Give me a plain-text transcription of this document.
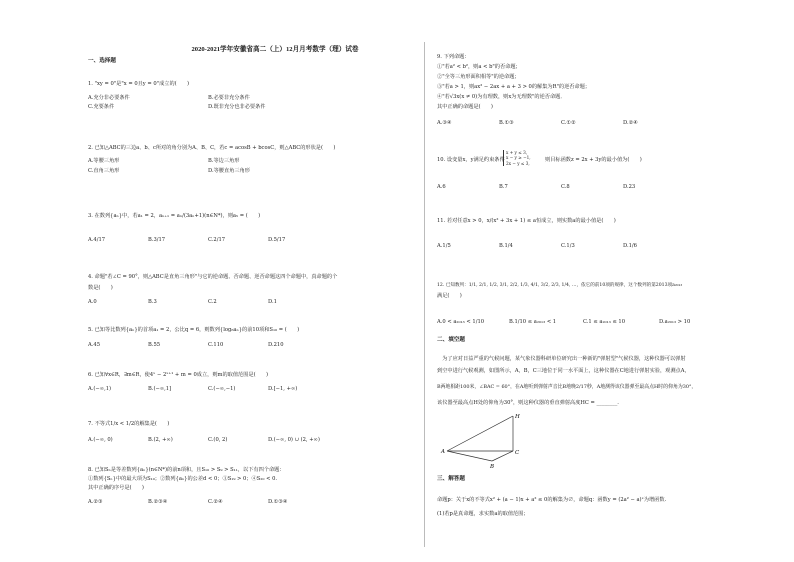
2020-2021学年安徽省高二（上）12月月考数学（理）试卷
一、选择题
1. "xy = 0"是"x = 0且y = 0"成立的(　　)
A.充分非必要条件	B.必要非充分条件
C.充要条件	D.既非充分也非必要条件
2. 已知△ABC的三边a、b、c所对的角分别为A、B、C，若c = acosB + bcosC，则△ABC的形状是(　　)
A.等腰三角形	B.等边三角形
C.直角三角形	D.等腰直角三角形
3. 在数列{aₙ}中，若a₁ = 2，aₙ₊₁ = aₙ/(3aₙ+1)(n∈N*)，则a₅ = (　　)
A.4/17	B.3/17	C.2/17	D.5/17
4. 命题"若∠C = 90°，则△ABC是直角三角形"与它的逆命题、否命题、逆否命题这四个命题中，真命题的个
数是(　　)
A.0	B.3	C.2	D.1
5. 已知等比数列{aₙ}的首项a₁ = 2，公比q = 6，则数列{log₆aₙ}的前10项和S₁₀ = (　　)
A.45	B.55	C.110	D.210
6. 已知∀x∈R，∃m∈R，使4ˣ − 2ˣ⁺¹ + m = 0成立，则m的取值范围是(　　)
A.(−∞,1)	B.(−∞,1]	C.(−∞,−1)	D.[−1, +∞)
7. 不等式1/x < 1/2的解集是(　　)
A.(−∞, 0)	B.(2, +∞)	C.(0, 2)	D.(−∞, 0) ∪ (2, +∞)
8. 已知Sₙ是等差数列{aₙ}(n∈N*)的前n项和，且S₁₀ > S₉ > S₁₁，以下有四个命题：
①数列{Sₙ}中的最大项为S₁₀；②数列{aₙ}的公差d < 0；③S₁₉ > 0；④S₂₀ < 0.
其中正确的序号是(　　)
A.②③	B.②③④	C.②④	D.①③④
9. 下列命题：
①"若a² < b²，则a < b"的否命题；
②"全等三角形面积相等"的逆命题；
③"若a > 1，则ax² − 2ax + a + 3 > 0的解集为R"的逆否命题；
④"若√3x(x ≠ 0)为有理数，则x为无理数"的逆否命题．
其中正确的命题是(　　)
A.③④	B.①③	C.①②	D.②④
10. 设变量x，y满足约束条件
x + y ≤ 3,
x − y ≥ −1,
2x − y ≤ 3,
则目标函数z = 2x + 3y的最小值为(　　)
A.6	B.7	C.8	D.23
11. 若对任意x > 0，x/(x² + 3x + 1) ≤ a恒成立，则实数a的最小值是(　　)
A.1/5	B.1/4	C.1/3	D.1/6
12. 已知数列：1/1, 2/1, 1/2, 3/1, 2/2, 1/3, 4/1, 3/2, 2/3, 1/4, …，依它的前10项的规律，这个数列的第2013项a₂₀₁₃
满足(　　)
A.0 < a₂₀₁₃ < 1/10	B.1/10 ≤ a₂₀₁₃ < 1	C.1 ≤ a₂₀₁₃ ≤ 10	D.a₂₀₁₃ > 10
二、填空题
　为了应对日益严重的气候问题，某气象仪器科研单位研究出一种新的"弹射型"气候仪器，这种仪器可以弹射
到空中进行气候观测，如图所示，A，B，C三地位于同一水平面上，这种仪器在C地进行弹射实验，观测点A，
B两地相距100米，∠BAC = 60°，在A地听到弹射声音比B地晚2/17秒，A地测得该仪器弹至最高点H时的仰角为30°，
该仪器至最高点H处的仰角为30°，则这种仪器的垂直弹射高度HC = ________.
H
A
B
C
三、解答题
命题p：关于x的不等式x² + (a − 1)x + a² ≤ 0的解集为∅，命题q：函数y = (2a² − a)ˣ为增函数.
(1)若p是真命题，求实数a的取值范围；
